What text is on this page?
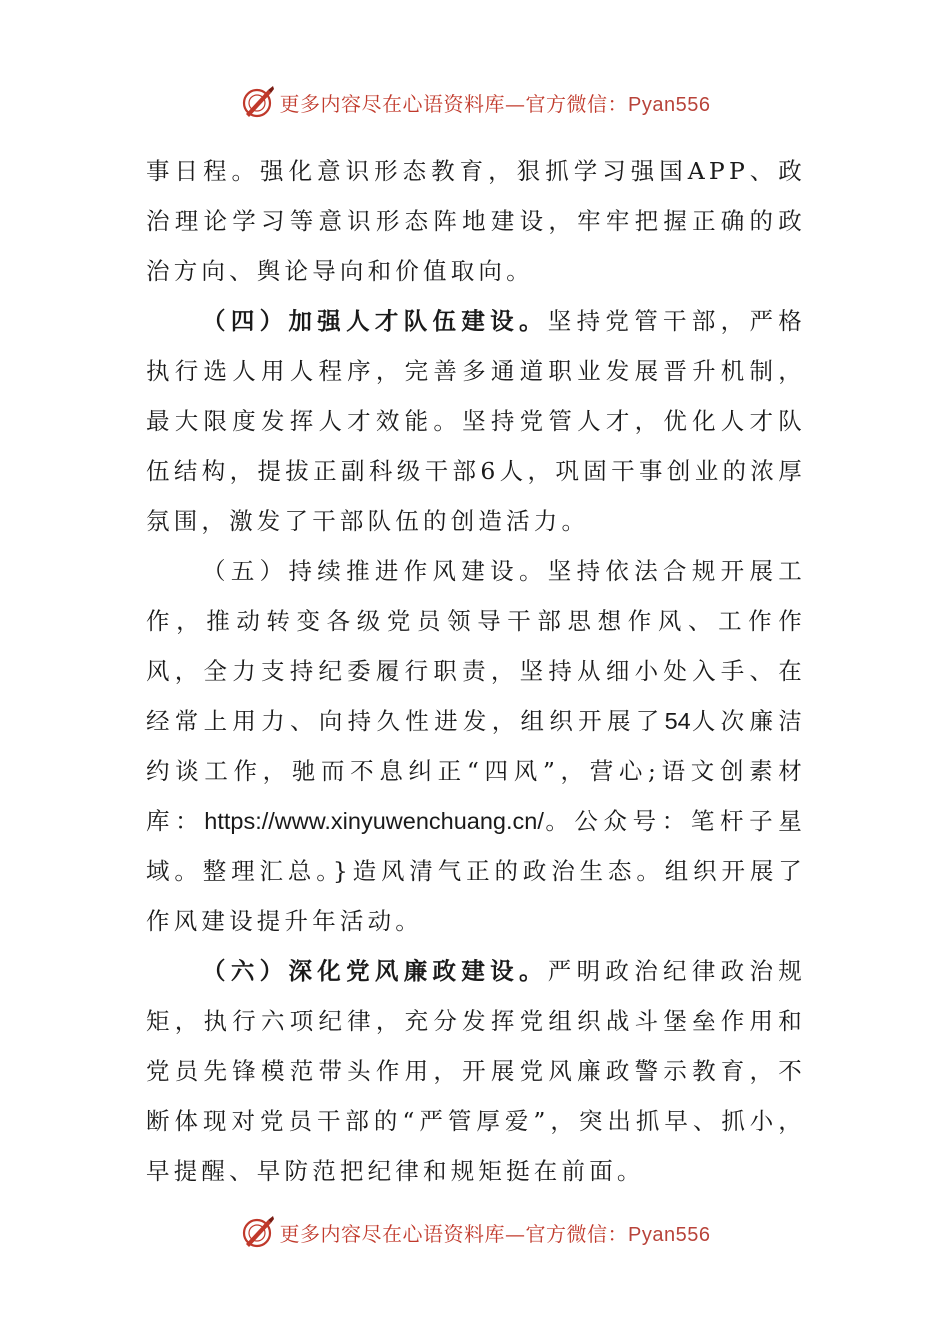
更多内容尽在心语资料库—官方微信：Pyan556

事日程。强化意识形态教育，狠抓学习强国APP、政治理论学习等意识形态阵地建设，牢牢把握正确的政治方向、舆论导向和价值取向。

（四）加强人才队伍建设。坚持党管干部，严格执行选人用人程序，完善多通道职业发展晋升机制，最大限度发挥人才效能。坚持党管人才，优化人才队伍结构，提拔正副科级干部6人，巩固干事创业的浓厚氛围，激发了干部队伍的创造活力。

（五）持续推进作风建设。坚持依法合规开展工作，推动转变各级党员领导干部思想作风、工作作风，全力支持纪委履行职责，坚持从细小处入手、在经常上用力、向持久性进发，组织开展了54人次廉洁约谈工作，驰而不息纠正“四风”，营心;语文创素材库：https://www.xinyuwenchuang.cn/。公众号：笔杆子星域。整理汇总。}造风清气正的政治生态。组织开展了作风建设提升年活动。

（六）深化党风廉政建设。严明政治纪律政治规矩，执行六项纪律，充分发挥党组织战斗堡垒作用和党员先锋模范带头作用，开展党风廉政警示教育，不断体现对党员干部的“严管厚爱”，突出抓早、抓小，早提醒、早防范把纪律和规矩挺在前面。

更多内容尽在心语资料库—官方微信：Pyan556
